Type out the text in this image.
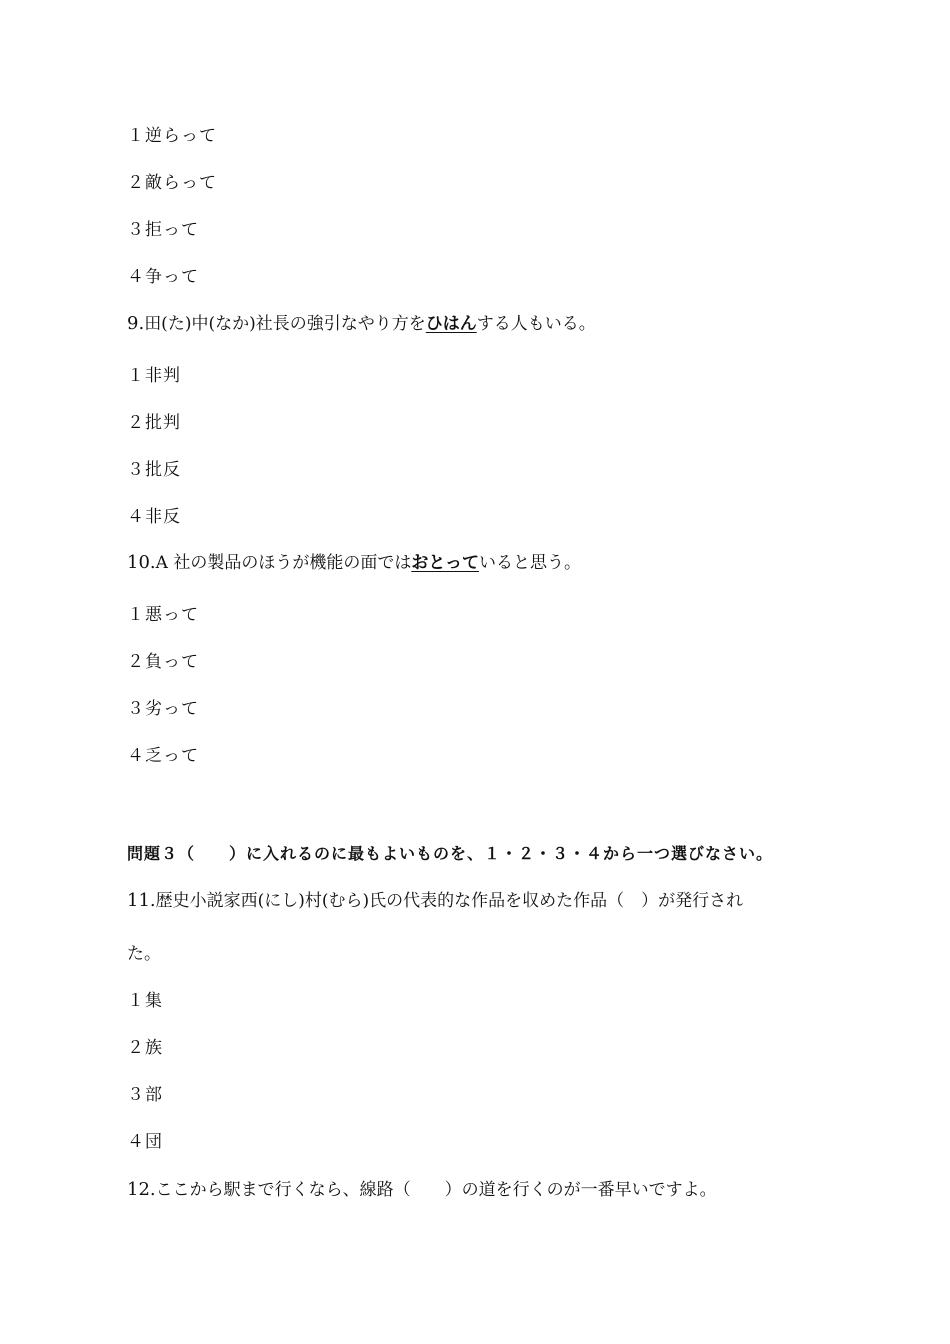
１逆らって
２敵らって
３拒って
４争って
9.田(た)中(なか)社長の強引なやり方をひはんする人もいる。
１非判
２批判
３批反
４非反
10.A 社の製品のほうが機能の面ではおとっていると思う。
１悪って
２負って
３劣って
４乏って
問題３（　　）に入れるのに最もよいものを、１・２・３・４から一つ選びなさい。
11.歴史小説家西(にし)村(むら)氏の代表的な作品を収めた作品（　）が発行され
た。
１集
２族
３部
４団
12.ここから駅まで行くなら、線路（　　）の道を行くのが一番早いですよ。
